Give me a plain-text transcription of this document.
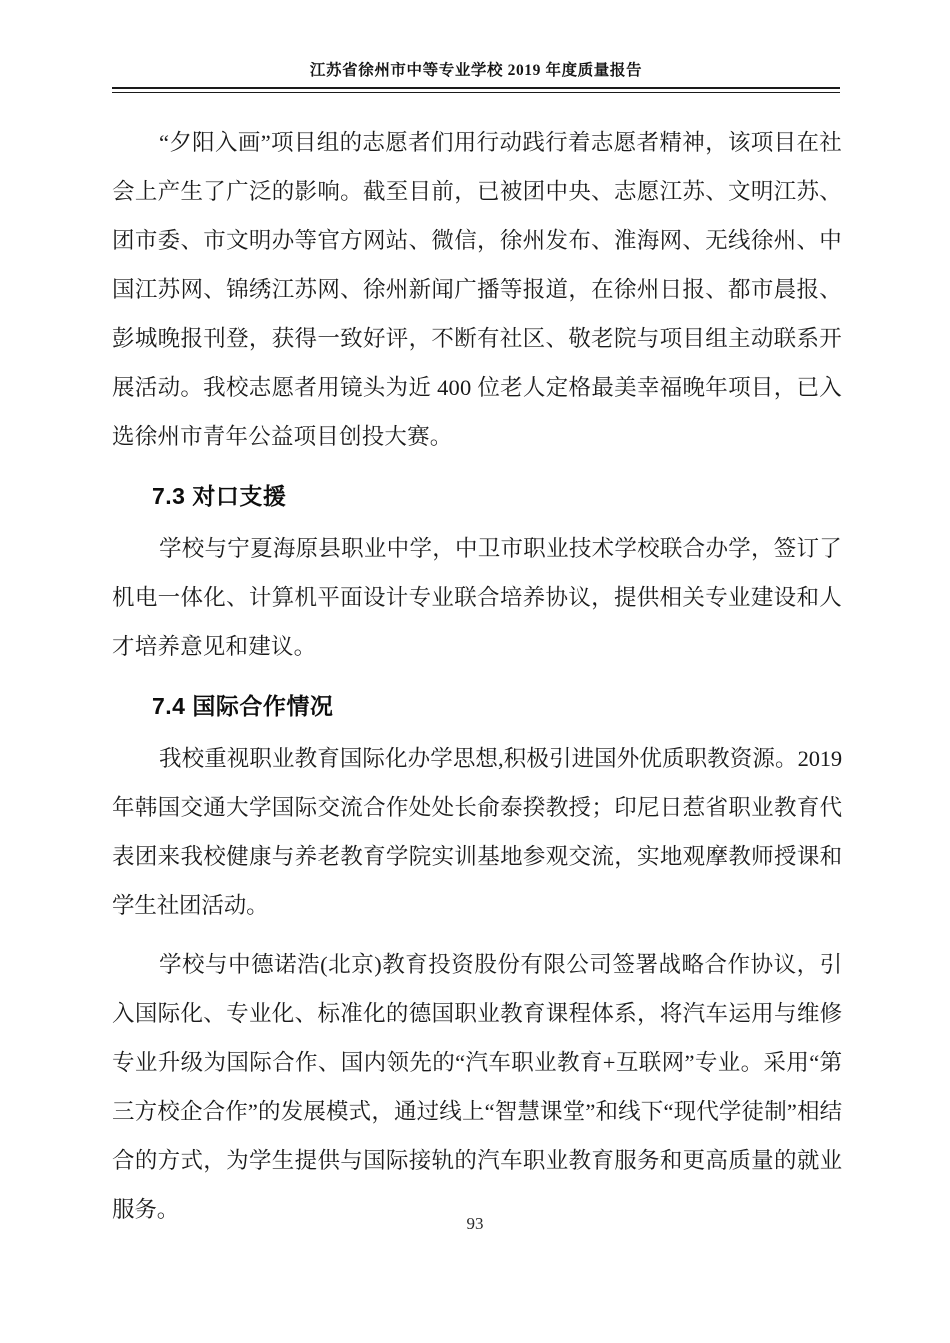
江苏省徐州市中等专业学校 2019 年度质量报告

“夕阳入画”项目组的志愿者们用行动践行着志愿者精神，该项目在社会上产生了广泛的影响。截至目前，已被团中央、志愿江苏、文明江苏、团市委、市文明办等官方网站、微信，徐州发布、淮海网、无线徐州、中国江苏网、锦绣江苏网、徐州新闻广播等报道，在徐州日报、都市晨报、彭城晚报刊登，获得一致好评，不断有社区、敬老院与项目组主动联系开展活动。我校志愿者用镜头为近 400 位老人定格最美幸福晚年项目，已入选徐州市青年公益项目创投大赛。

7.3 对口支援

学校与宁夏海原县职业中学，中卫市职业技术学校联合办学，签订了机电一体化、计算机平面设计专业联合培养协议，提供相关专业建设和人才培养意见和建议。

7.4 国际合作情况

我校重视职业教育国际化办学思想,积极引进国外优质职教资源。2019年韩国交通大学国际交流合作处处长俞泰揆教授；印尼日惹省职业教育代表团来我校健康与养老教育学院实训基地参观交流，实地观摩教师授课和学生社团活动。

学校与中德诺浩(北京)教育投资股份有限公司签署战略合作协议，引入国际化、专业化、标准化的德国职业教育课程体系，将汽车运用与维修专业升级为国际合作、国内领先的“汽车职业教育+互联网”专业。采用“第三方校企合作”的发展模式，通过线上“智慧课堂”和线下“现代学徒制”相结合的方式，为学生提供与国际接轨的汽车职业教育服务和更高质量的就业服务。

93
